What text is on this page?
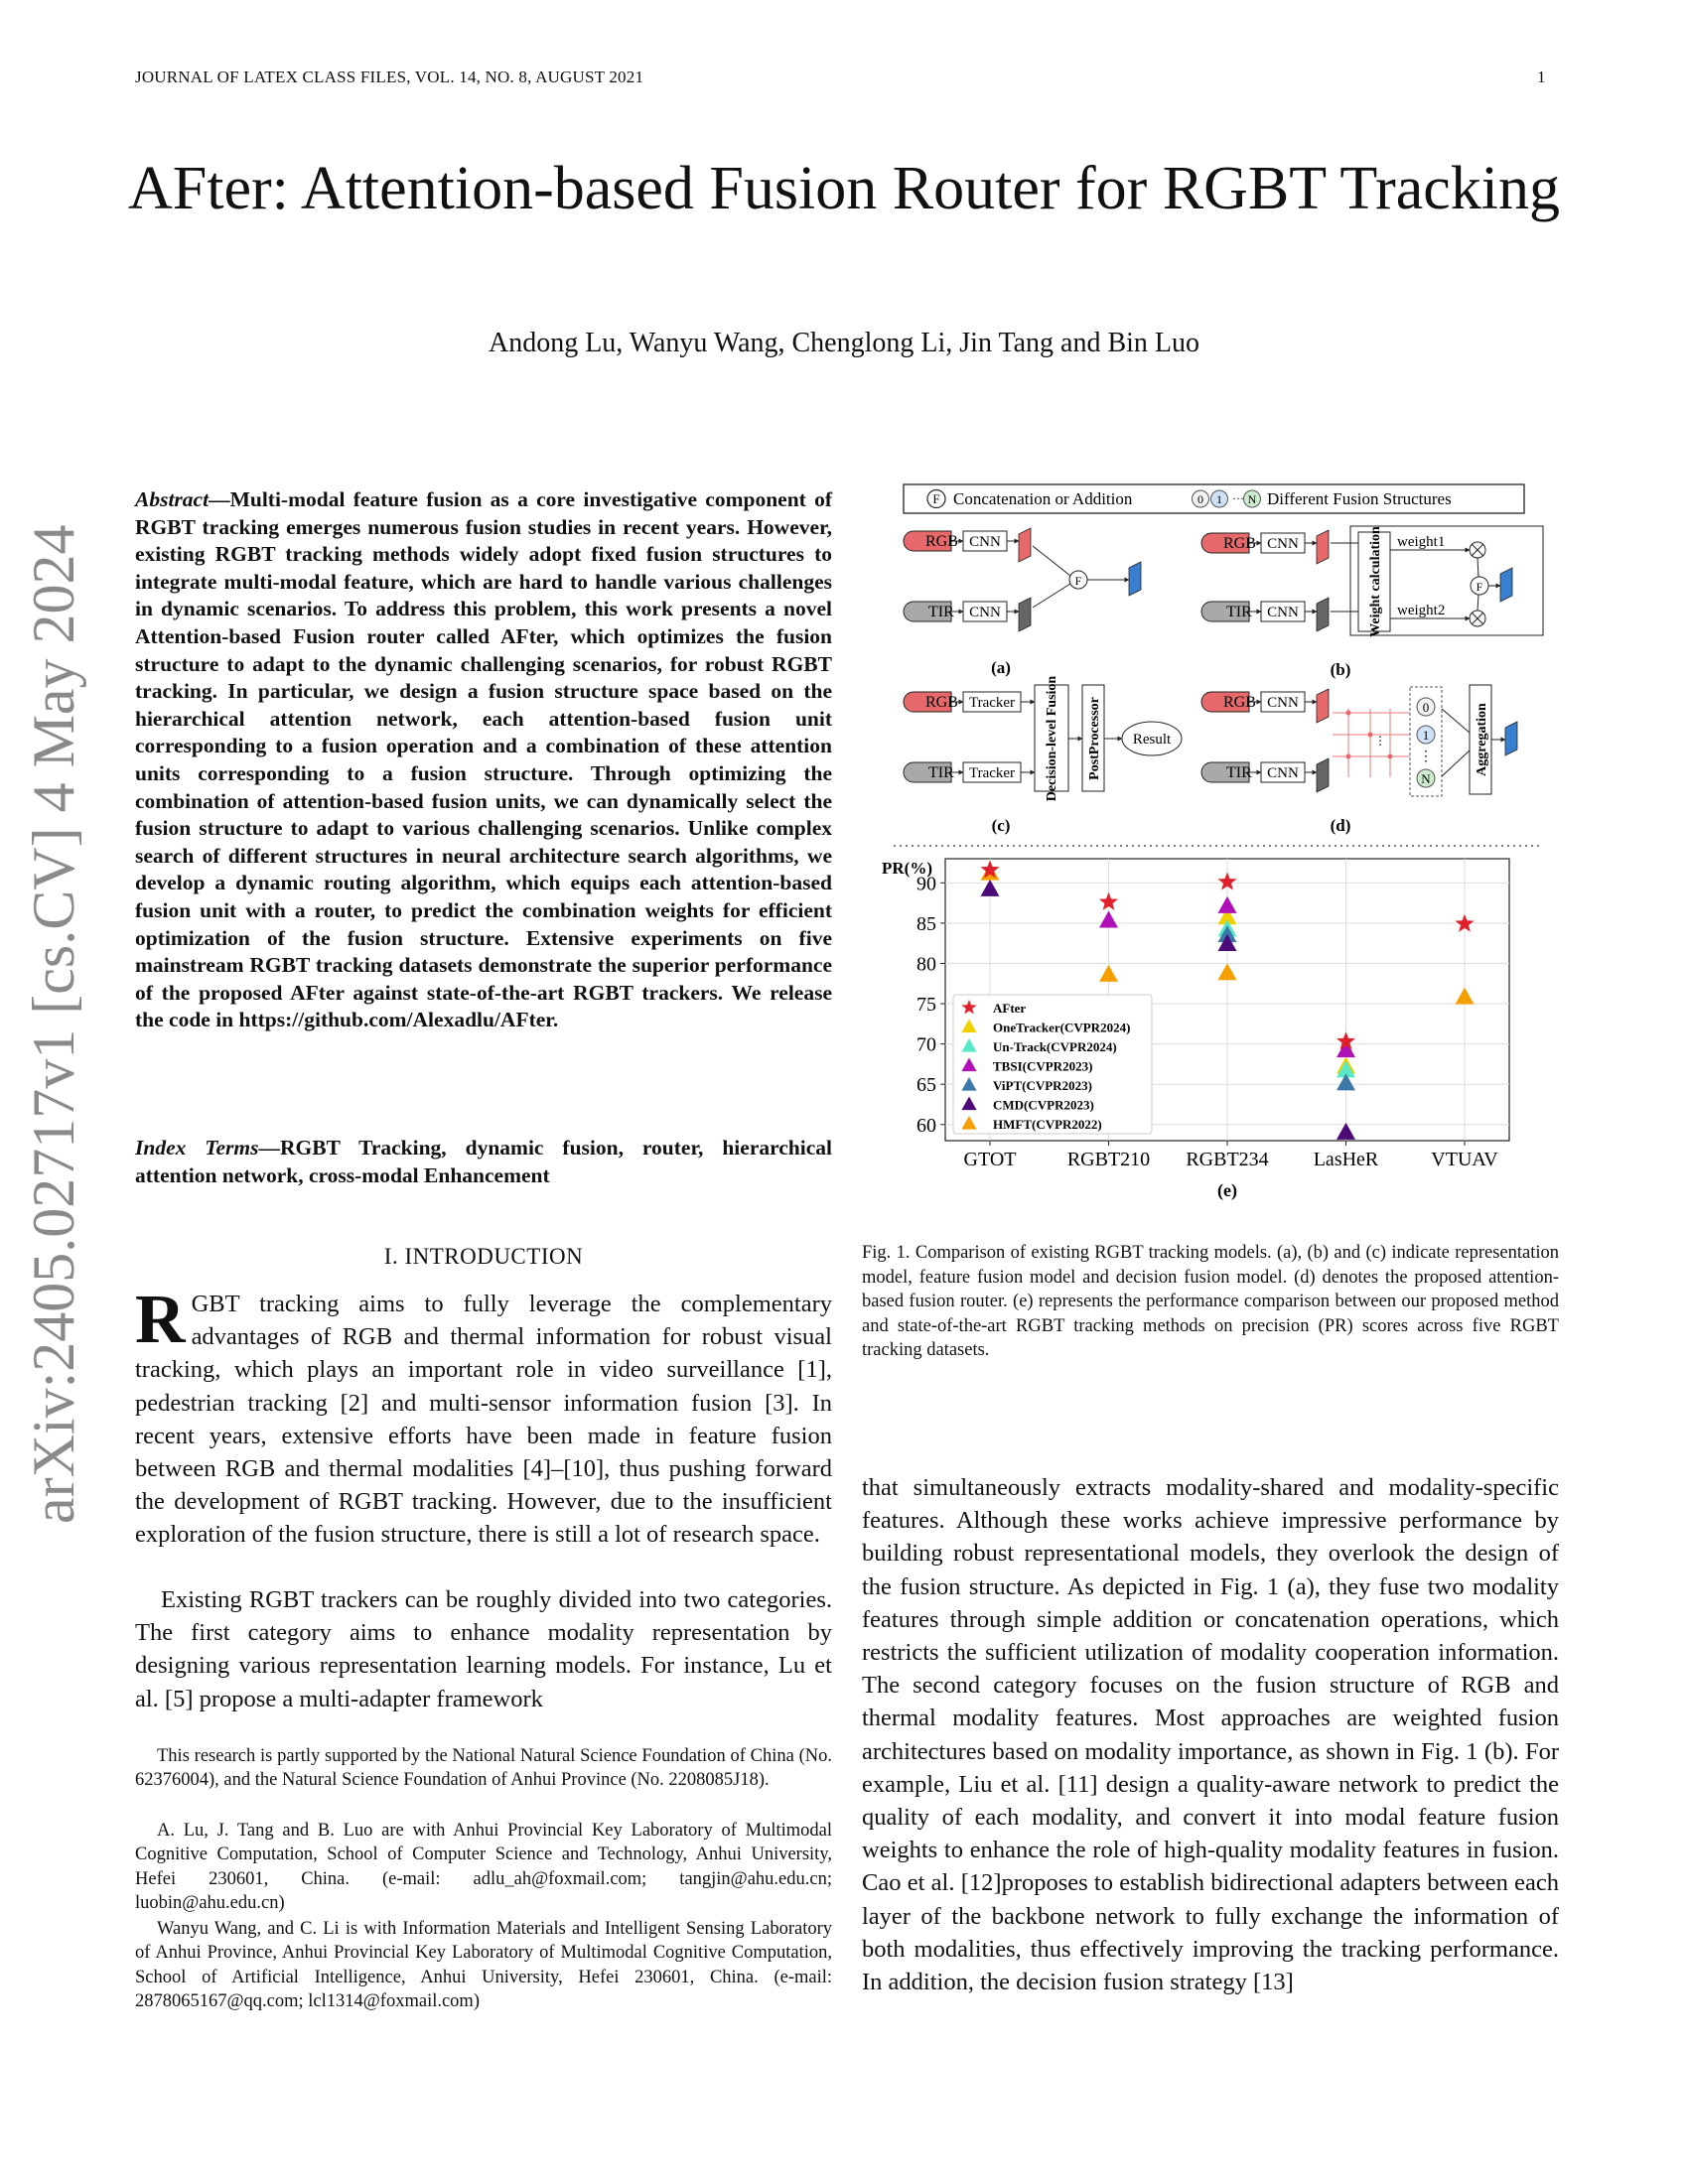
JOURNAL OF LATEX CLASS FILES, VOL. 14, NO. 8, AUGUST 2021	1
arXiv:2405.02717v1 [cs.CV] 4 May 2024
AFter: Attention-based Fusion Router for RGBT Tracking
Andong Lu, Wanyu Wang, Chenglong Li, Jin Tang and Bin Luo
Abstract—Multi-modal feature fusion as a core investigative component of RGBT tracking emerges numerous fusion studies in recent years. However, existing RGBT tracking methods widely adopt fixed fusion structures to integrate multi-modal feature, which are hard to handle various challenges in dynamic scenarios. To address this problem, this work presents a novel Attention-based Fusion router called AFter, which optimizes the fusion structure to adapt to the dynamic challenging scenarios, for robust RGBT tracking. In particular, we design a fusion structure space based on the hierarchical attention network, each attention-based fusion unit corresponding to a fusion operation and a combination of these attention units corresponding to a fusion structure. Through optimizing the combination of attention-based fusion units, we can dynamically select the fusion structure to adapt to various challenging scenarios. Unlike complex search of different structures in neural architecture search algorithms, we develop a dynamic routing algorithm, which equips each attention-based fusion unit with a router, to predict the combination weights for efficient optimization of the fusion structure. Extensive experiments on five mainstream RGBT tracking datasets demonstrate the superior performance of the proposed AFter against state-of-the-art RGBT trackers. We release the code in https://github.com/Alexadlu/AFter.
Index Terms—RGBT Tracking, dynamic fusion, router, hierarchical attention network, cross-modal Enhancement
I. INTRODUCTION
RGBT tracking aims to fully leverage the complementary advantages of RGB and thermal information for robust visual tracking, which plays an important role in video surveillance [1], pedestrian tracking [2] and multi-sensor information fusion [3]. In recent years, extensive efforts have been made in feature fusion between RGB and thermal modalities [4]–[10], thus pushing forward the development of RGBT tracking. However, due to the insufficient exploration of the fusion structure, there is still a lot of research space.
Existing RGBT trackers can be roughly divided into two categories. The first category aims to enhance modality representation by designing various representation learning models. For instance, Lu et al. [5] propose a multi-adapter framework
This research is partly supported by the National Natural Science Foundation of China (No. 62376004), and the Natural Science Foundation of Anhui Province (No. 2208085J18).
A. Lu, J. Tang and B. Luo are with Anhui Provincial Key Laboratory of Multimodal Cognitive Computation, School of Computer Science and Technology, Anhui University, Hefei 230601, China. (e-mail: adlu_ah@foxmail.com; tangjin@ahu.edu.cn; luobin@ahu.edu.cn)
Wanyu Wang, and C. Li is with Information Materials and Intelligent Sensing Laboratory of Anhui Province, Anhui Provincial Key Laboratory of Multimodal Cognitive Computation, School of Artificial Intelligence, Anhui University, Hefei 230601, China. (e-mail: 2878065167@qq.com; lcl1314@foxmail.com)
that simultaneously extracts modality-shared and modality-specific features. Although these works achieve impressive performance by building robust representational models, they overlook the design of the fusion structure. As depicted in Fig. 1 (a), they fuse two modality features through simple addition or concatenation operations, which restricts the sufficient utilization of modality cooperation information. The second category focuses on the fusion structure of RGB and thermal modality features. Most approaches are weighted fusion architectures based on modality importance, as shown in Fig. 1 (b). For example, Liu et al. [11] design a quality-aware network to predict the quality of each modality, and convert it into modal feature fusion weights to enhance the role of high-quality modality features in fusion. Cao et al. [12]proposes to establish bidirectional adapters between each layer of the backbone network to fully exchange the information of both modalities, thus effectively improving the tracking performance. In addition, the decision fusion strategy [13]
Fig. 1. Comparison of existing RGBT tracking models. (a), (b) and (c) indicate representation model, feature fusion model and decision fusion model. (d) denotes the proposed attention-based fusion router. (e) represents the performance comparison between our proposed method and state-of-the-art RGBT tracking methods on precision (PR) scores across five RGBT tracking datasets.
F Concatenation or Addition	0 1 ··· N Different Fusion Structures
RGB CNN
TIR CNN
F
(a)
RGB CNN
TIR CNN	Weight calculation weight1
weight2
F
(b)
RGB Tracker
TIR Tracker Decision-level Fusion PostProcessor Result
(c)
RGB CNN
TIR CNN
⋮
0
1
⋮
N
Aggregation
(d)
PR(%)
60
65
70
75
80
85
90
GTOT	RGBT210 RGBT234 LasHeR	VTUAV
AFter
OneTracker(CVPR2024)
Un-Track(CVPR2024)
TBSI(CVPR2023)
ViPT(CVPR2023)
CMD(CVPR2023)
HMFT(CVPR2022)
(e)
